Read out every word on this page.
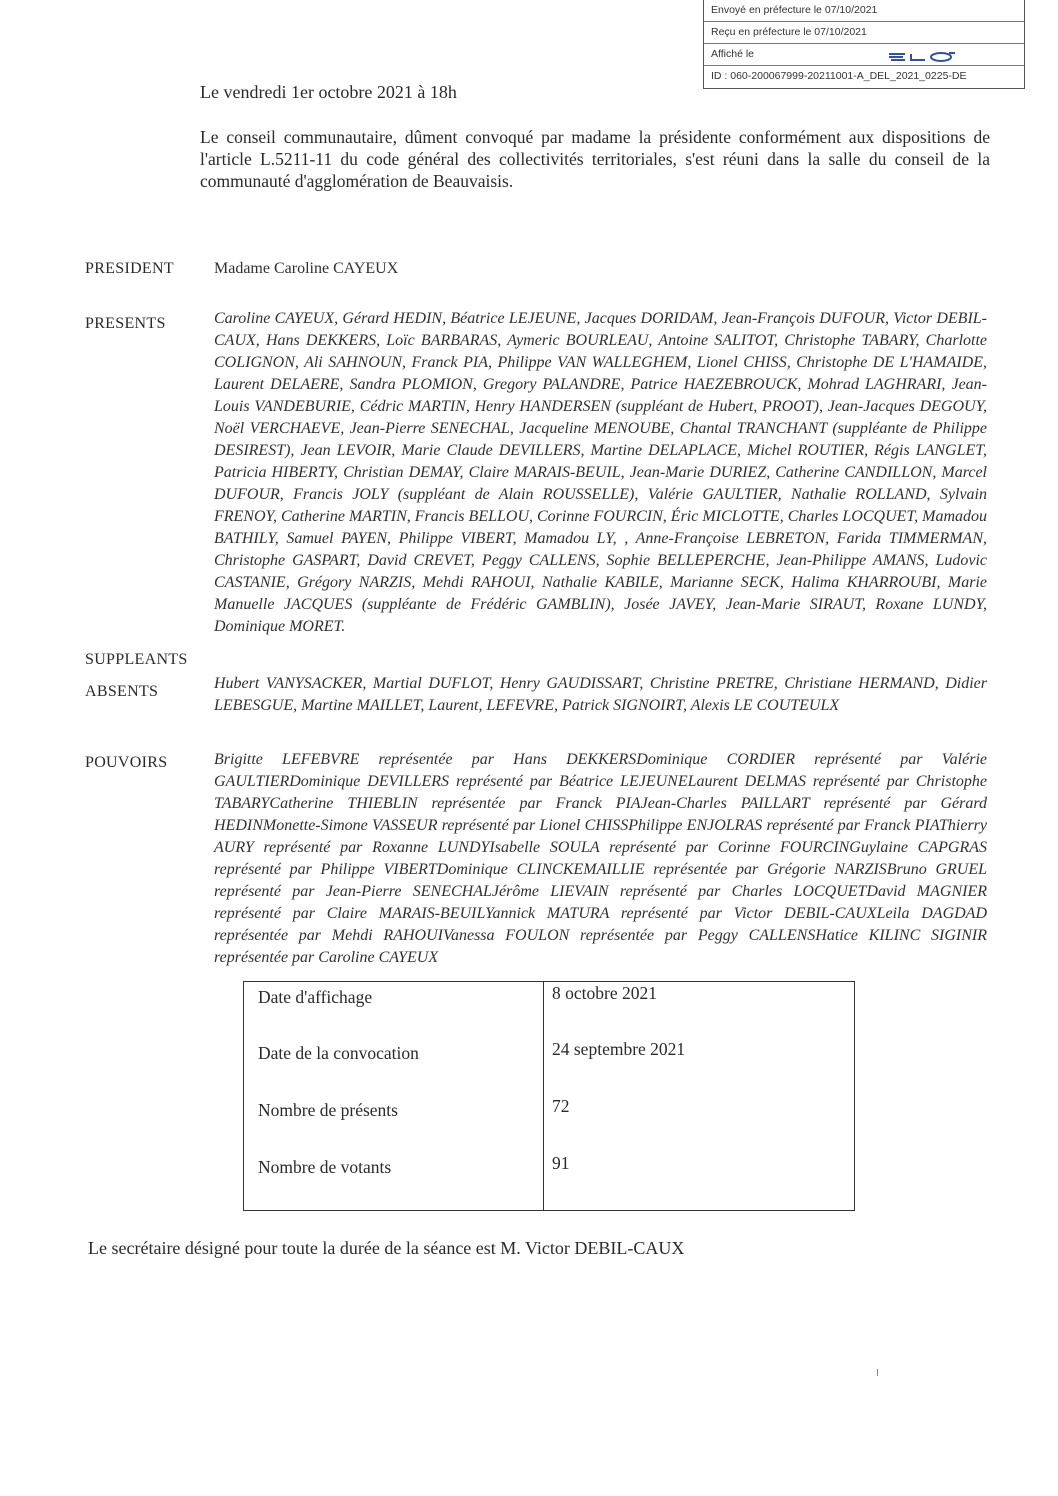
Envoyé en préfecture le 07/10/2021
Reçu en préfecture le 07/10/2021
Affiché le
ID : 060-200067999-20211001-A_DEL_2021_0225-DE
Le vendredi 1er octobre 2021 à 18h
Le conseil communautaire, dûment convoqué par madame la présidente conformément aux dispositions de l'article L.5211-11 du code général des collectivités territoriales, s'est réuni dans la salle du conseil de la communauté d'agglomération de Beauvaisis.
PRESIDENT	Madame Caroline CAYEUX
PRESENTS	Caroline CAYEUX, Gérard HEDIN, Béatrice LEJEUNE, Jacques DORIDAM, Jean-François DUFOUR, Victor DEBIL-CAUX, Hans DEKKERS, Loïc BARBARAS, Aymeric BOURLEAU, Antoine SALITOT, Christophe TABARY, Charlotte COLIGNON, Ali SAHNOUN, Franck PIA, Philippe VAN WALLEGHEM, Lionel CHISS, Christophe DE L'HAMAIDE, Laurent DELAERE, Sandra PLOMION, Gregory PALANDRE, Patrice HAEZEBROUCK, Mohrad LAGHRARI, Jean-Louis VANDEBURIE, Cédric MARTIN, Henry HANDERSEN (suppléant de Hubert, PROOT), Jean-Jacques DEGOUY, Noël VERCHAEVE, Jean-Pierre SENECHAL, Jacqueline MENOUBE, Chantal TRANCHANT (suppléante de Philippe DESIREST), Jean LEVOIR, Marie Claude DEVILLERS, Martine DELAPLACE, Michel ROUTIER, Régis LANGLET, Patricia HIBERTY, Christian DEMAY, Claire MARAIS-BEUIL, Jean-Marie DURIEZ, Catherine CANDILLON, Marcel DUFOUR, Francis JOLY (suppléant de Alain ROUSSELLE), Valérie GAULTIER, Nathalie ROLLAND, Sylvain FRENOY, Catherine MARTIN, Francis BELLOU, Corinne FOURCIN, Éric MICLOTTE, Charles LOCQUET, Mamadou BATHILY, Samuel PAYEN, Philippe VIBERT, Mamadou LY, , Anne-Françoise LEBRETON, Farida TIMMERMAN, Christophe GASPART, David CREVET, Peggy CALLENS, Sophie BELLEPERCHE, Jean-Philippe AMANS, Ludovic CASTANIE, Grégory NARZIS, Mehdi RAHOUI, Nathalie KABILE, Marianne SECK, Halima KHARROUBI, Marie Manuelle JACQUES (suppléante de Frédéric GAMBLIN), Josée JAVEY, Jean-Marie SIRAUT, Roxane LUNDY, Dominique MORET.
SUPPLEANTS
ABSENTS	Hubert VANYSACKER, Martial DUFLOT, Henry GAUDISSART, Christine PRETRE, Christiane HERMAND, Didier LEBESGUE, Martine MAILLET, Laurent, LEFEVRE, Patrick SIGNOIRT, Alexis LE COUTEULX
POUVOIRS	Brigitte LEFEBVRE représentée par Hans DEKKERSDominique CORDIER représenté par Valérie GAULTIERDominique DEVILLERS représenté par Béatrice LEJEUNELaurent DELMAS représenté par Christophe TABARYCatherine THIEBLIN représentée par Franck PIAJean-Charles PAILLART représenté par Gérard HEDINMonette-Simone VASSEUR représenté par Lionel CHISSPhilippe ENJOLRAS représenté par Franck PIAThierry AURY représenté par Roxanne LUNDYIsabelle SOULA représenté par Corinne FOURCINGuylaine CAPGRAS représenté par Philippe VIBERTDominique CLINCKEMAILLIE représentée par Grégorie NARZISBruno GRUEL représenté par Jean-Pierre SENECHALJérôme LIEVAIN représenté par Charles LOCQUETDavid MAGNIER représenté par Claire MARAIS-BEUILYannick MATURA représenté par Victor DEBIL-CAUXLeila DAGDAD représentée par Mehdi RAHOUIVanessa FOULON représentée par Peggy CALLENSHatice KILINC SIGINIR représentée par Caroline CAYEUX
Date d'affichage	8 octobre 2021
Date de la convocation	24 septembre 2021
Nombre de présents	72
Nombre de votants	91
Le secrétaire désigné pour toute la durée de la séance est M. Victor DEBIL-CAUX
